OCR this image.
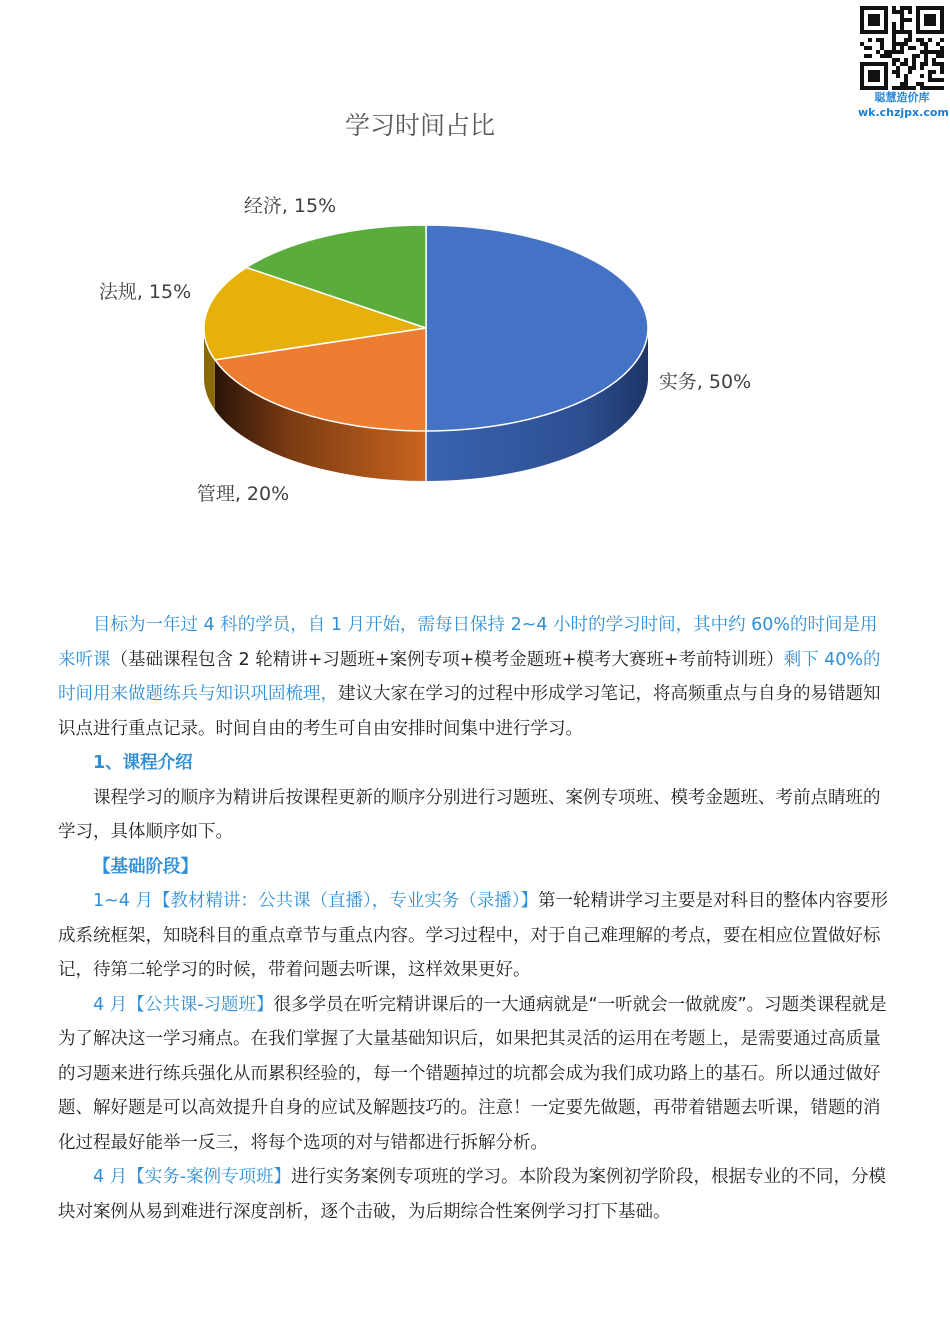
聪慧造价库
wk.chzjpx.com
学习时间占比
实务, 50%
管理, 20%
法规, 15%
经济, 15%

目标为一年过 4 科的学员，自 1 月开始，需每日保持 2~4 小时的学习时间，其中约 60%的时间是用来听课（基础课程包含 2 轮精讲+习题班+案例专项+模考金题班+模考大赛班+考前特训班）剩下 40%的时间用来做题练兵与知识巩固梳理，建议大家在学习的过程中形成学习笔记，将高频重点与自身的易错题知识点进行重点记录。时间自由的考生可自由安排时间集中进行学习。

1、课程介绍

课程学习的顺序为精讲后按课程更新的顺序分别进行习题班、案例专项班、模考金题班、考前点睛班的学习，具体顺序如下。

【基础阶段】

1~4 月【教材精讲：公共课（直播），专业实务（录播）】第一轮精讲学习主要是对科目的整体内容要形成系统框架，知晓科目的重点章节与重点内容。学习过程中，对于自己难理解的考点，要在相应位置做好标记，待第二轮学习的时候，带着问题去听课，这样效果更好。

4 月【公共课-习题班】很多学员在听完精讲课后的一大通病就是“一听就会一做就废”。习题类课程就是为了解决这一学习痛点。在我们掌握了大量基础知识后，如果把其灵活的运用在考题上，是需要通过高质量的习题来进行练兵强化从而累积经验的，每一个错题掉过的坑都会成为我们成功路上的基石。所以通过做好题、解好题是可以高效提升自身的应试及解题技巧的。注意！一定要先做题，再带着错题去听课，错题的消化过程最好能举一反三，将每个选项的对与错都进行拆解分析。

4 月【实务-案例专项班】进行实务案例专项班的学习。本阶段为案例初学阶段，根据专业的不同，分模块对案例从易到难进行深度剖析，逐个击破，为后期综合性案例学习打下基础。
